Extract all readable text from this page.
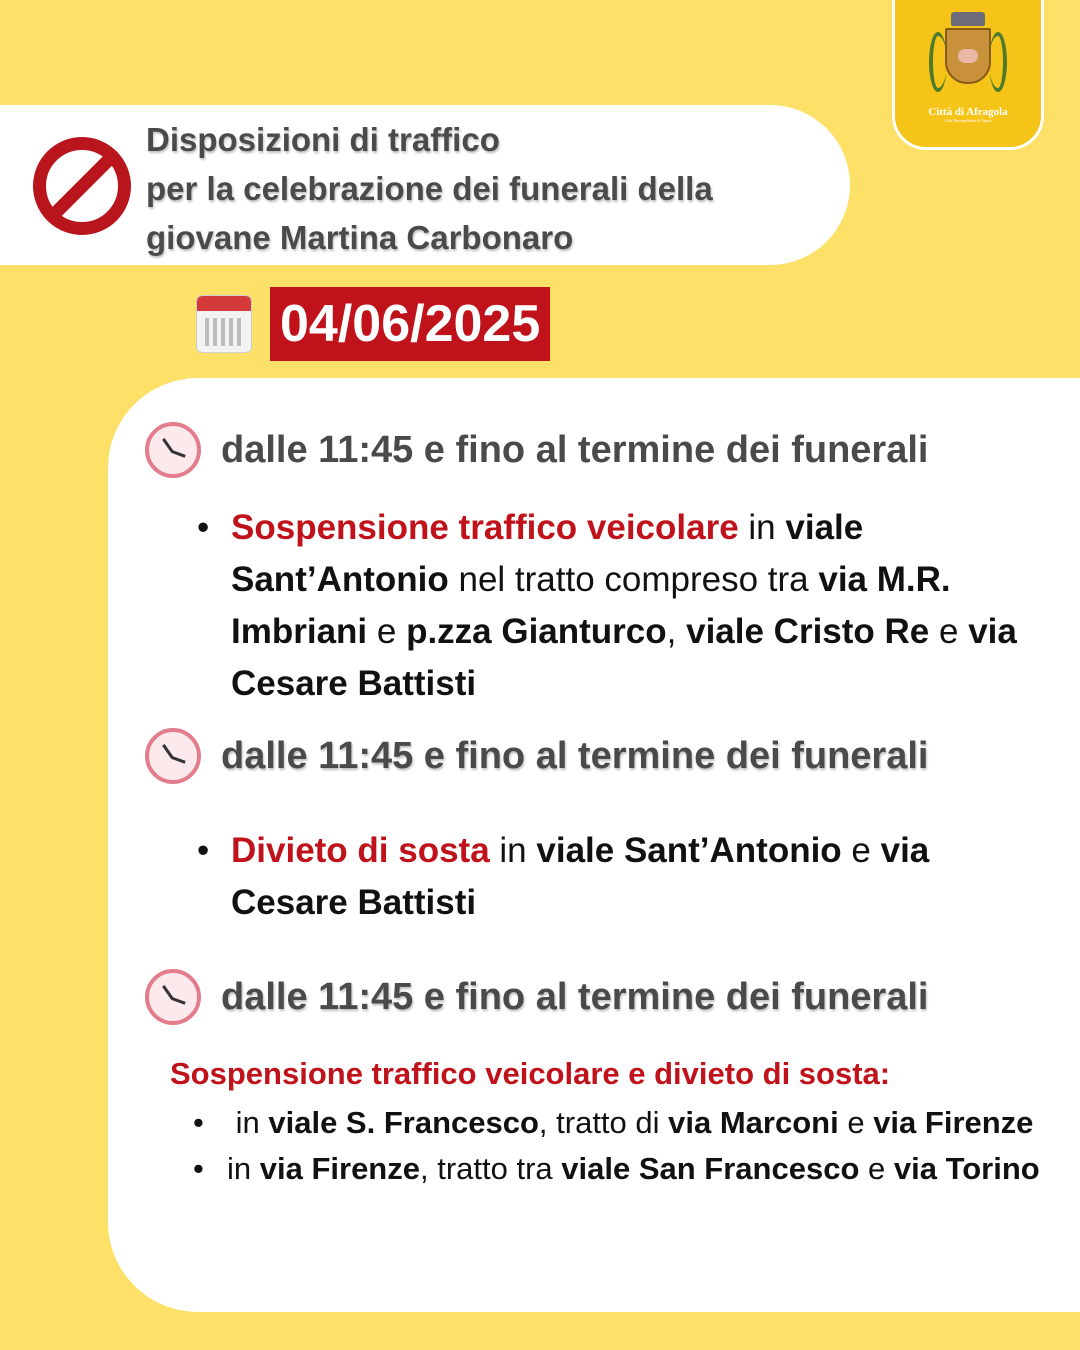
Città di Afragola
Città Metropolitana di Napoli
Disposizioni di traffico
per la celebrazione dei funerali della
giovane Martina Carbonaro
04/06/2025
dalle 11:45 e fino al termine dei funerali
• Sospensione traffico veicolare in viale Sant’Antonio nel tratto compreso tra via M.R. Imbriani e p.zza Gianturco, viale Cristo Re e via Cesare Battisti
dalle 11:45 e fino al termine dei funerali
• Divieto di sosta in viale Sant’Antonio e via Cesare Battisti
dalle 11:45 e fino al termine dei funerali
Sospensione traffico veicolare e divieto di sosta:
•  in viale S. Francesco, tratto di via Marconi e via Firenze
• in via Firenze, tratto tra viale San Francesco e via Torino
